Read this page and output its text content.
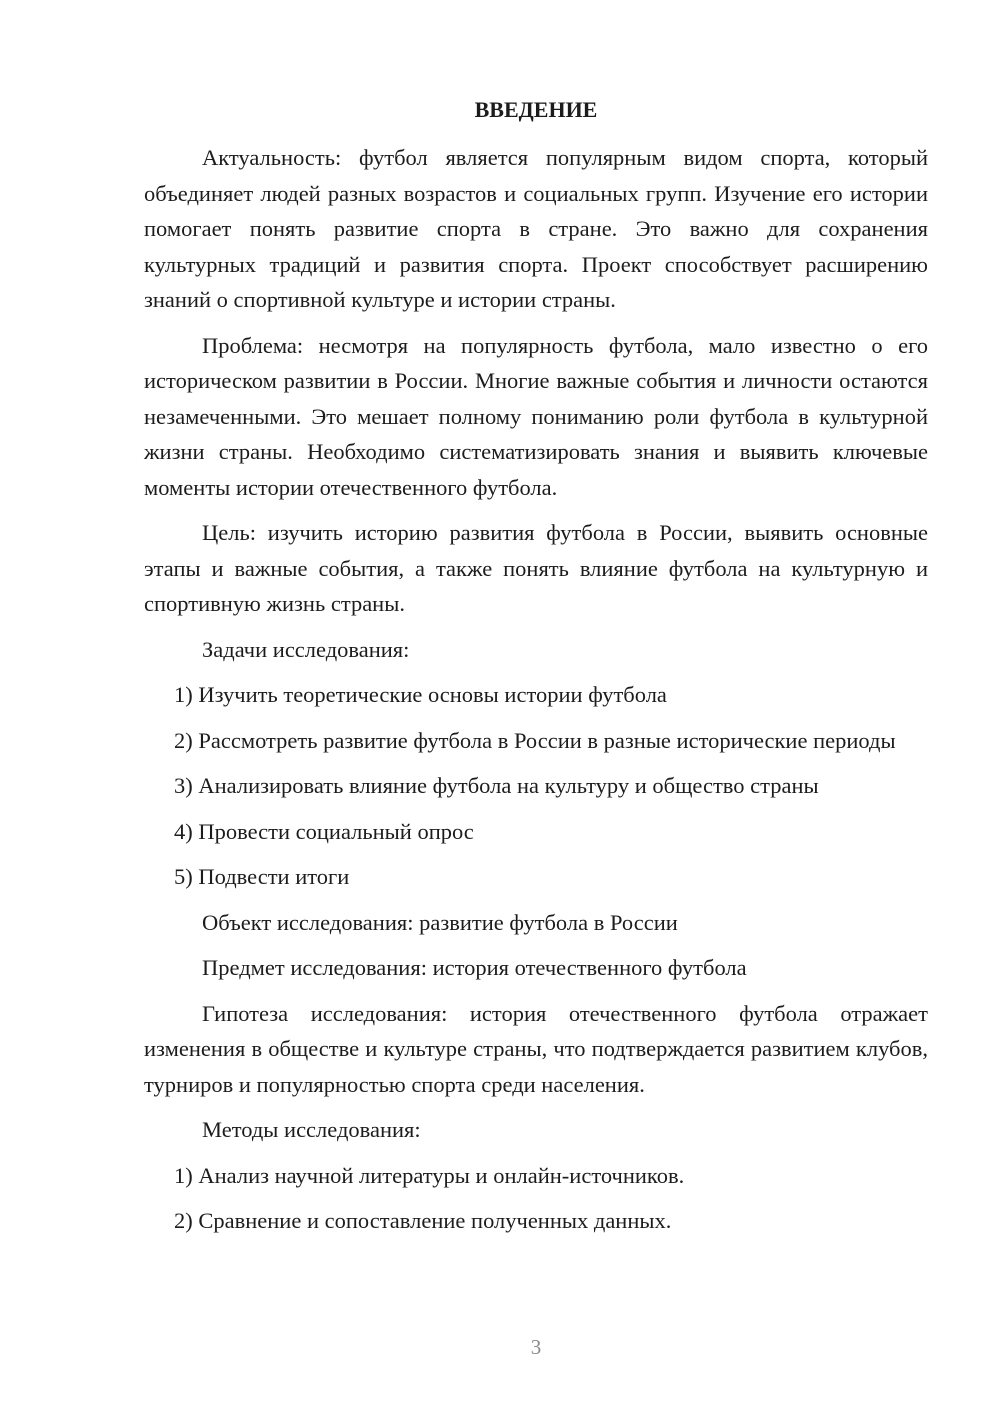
ВВЕДЕНИЕ

Актуальность: футбол является популярным видом спорта, который объединяет людей разных возрастов и социальных групп. Изучение его истории помогает понять развитие спорта в стране. Это важно для сохранения культурных традиций и развития спорта. Проект способствует расширению знаний о спортивной культуре и истории страны.

Проблема: несмотря на популярность футбола, мало известно о его историческом развитии в России. Многие важные события и личности остаются незамеченными. Это мешает полному пониманию роли футбола в культурной жизни страны. Необходимо систематизировать знания и выявить ключевые моменты истории отечественного футбола.

Цель: изучить историю развития футбола в России, выявить основные этапы и важные события, а также понять влияние футбола на культурную и спортивную жизнь страны.

Задачи исследования:

1) Изучить теоретические основы истории футбола

2) Рассмотреть развитие футбола в России в разные исторические периоды

3) Анализировать влияние футбола на культуру и общество страны

4) Провести социальный опрос

5) Подвести итоги

Объект исследования: развитие футбола в России

Предмет исследования: история отечественного футбола

Гипотеза исследования: история отечественного футбола отражает изменения в обществе и культуре страны, что подтверждается развитием клубов, турниров и популярностью спорта среди населения.

Методы исследования:

1) Анализ научной литературы и онлайн-источников.

2) Сравнение и сопоставление полученных данных.

3
